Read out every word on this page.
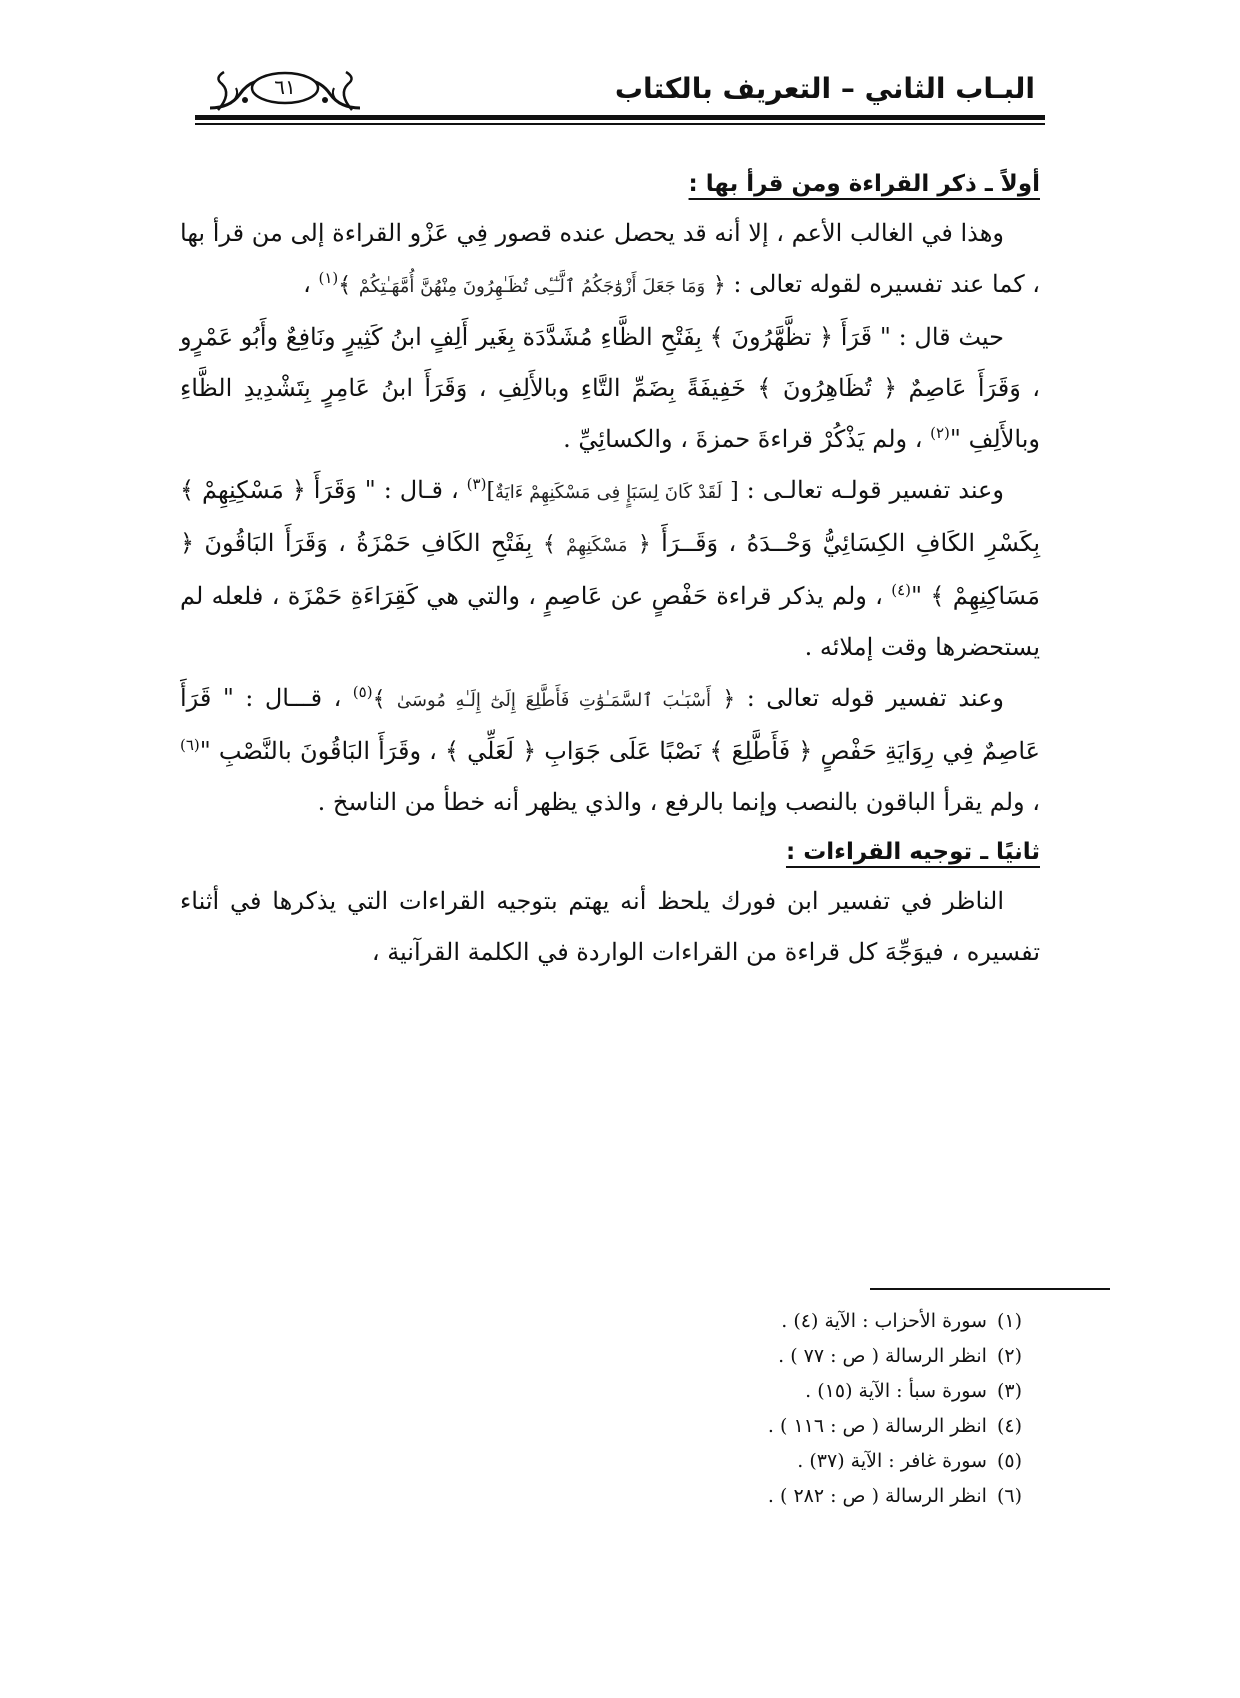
البـاب الثاني – التعريف بالكتاب
٦١
أولاً ـ ذكر القراءة ومن قرأ بها :

وهذا في الغالب الأعم ، إلا أنه قد يحصل عنده قصور فِي عَزْو القراءة إلى من قرأ بها ، كما عند تفسيره لقوله تعالى : ﴿ وَمَا جَعَلَ أَزْوَٰجَكُمُ ٱلَّـٰٓـِٔى تُظَـٰهِرُونَ مِنْهُنَّ أُمَّهَـٰتِكُمْ ﴾$^{(١)}$ ،

حيث قال : " قَرَأَ ﴿ تظَّهَّرُونَ ﴾ بِفَتْحِ الظَّاءِ مُشَدَّدَة بِغَير أَلِفٍ ابنُ كَثِيرٍ ونَافِعٌ وأَبُو عَمْرٍو ، وَقَرَأَ عَاصِمٌ ﴿ تُظَاهِرُونَ ﴾ خَفِيفَةً بِضَمِّ التَّاءِ وبالأَلِفِ ، وَقَرَأَ ابنُ عَامِرٍ بِتَشْدِيدِ الظَّاءِ وبالأَلِفِ "$^{(٢)}$ ، ولم يَذْكُرْ قراءةَ حمزةَ ، والكسائِيِّ .

وعند تفسير قولـه تعالـى : [ لَقَدْ كَانَ لِسَبَإٍ فِى مَسْكَنِهِمْ ءَايَةٌ]$^{(٣)}$ ، قـال : " وَقَرَأَ ﴿ مَسْكِنِهِمْ ﴾ بِكَسْرِ الكَافِ الكِسَائِيُّ وَحْــدَهُ ، وَقَــرَأَ ﴿ مَسْكَنِهِمْ ﴾ بِفَتْحِ الكَافِ حَمْزَةُ ، وَقَرَأَ البَاقُونَ ﴿ مَسَاكِنِهِمْ ﴾ "$^{(٤)}$ ، ولم يذكر قراءة حَفْصٍ عن عَاصِمٍ ، والتي هي كَقِرَاءَةِ حَمْزَة ، فلعله لم يستحضرها وقت إملائه .

وعند تفسير قوله تعالى : ﴿ أَسْبَـٰبَ ٱلسَّمَـٰوَٰتِ فَأَطَّلِعَ إِلَىٰٓ إِلَـٰهِ مُوسَىٰ ﴾$^{(٥)}$ ، قـــال : " قَرَأَ عَاصِمٌ فِي رِوَايَةِ حَفْصٍ ﴿ فَأَطَّلِعَ ﴾ نَصْبًا عَلَى جَوَابِ ﴿ لَعَلِّي ﴾ ، وقَرَأَ البَاقُونَ بالنَّصْبِ "$^{(٦)}$ ، ولم يقرأ الباقون بالنصب وإنما بالرفع ، والذي يظهر أنه خطأ من الناسخ .

ثانيًا ـ توجيه القراءات :

الناظر في تفسير ابن فورك يلحظ أنه يهتم بتوجيه القراءات التي يذكرها في أثناء تفسيره ، فيوَجِّهَ كل قراءة من القراءات الواردة في الكلمة القرآنية ،

(١)سورة الأحزاب : الآية (٤) .
(٢)انظر الرسالة ( ص : ٧٧ ) .
(٣)سورة سبأ : الآية (١٥) .
(٤)انظر الرسالة ( ص : ١١٦ ) .
(٥)سورة غافر : الآية (٣٧) .
(٦)انظر الرسالة ( ص : ٢٨٢ ) .
